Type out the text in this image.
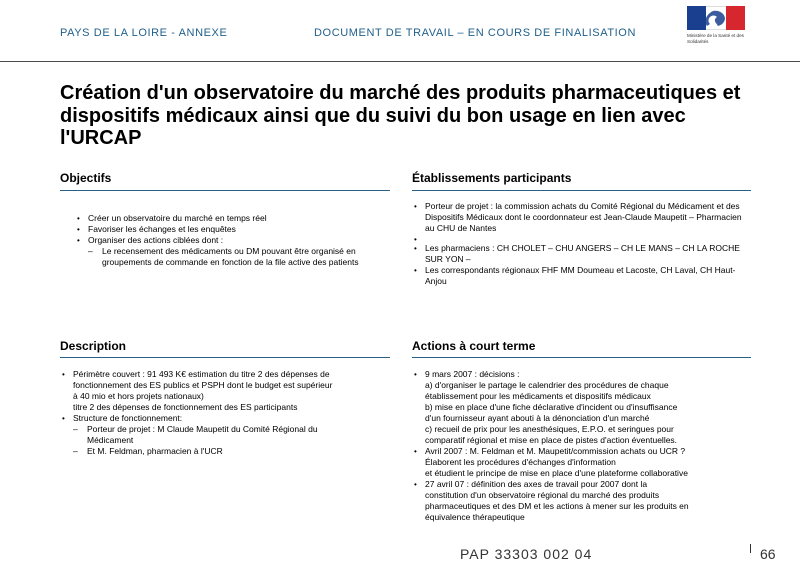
PAYS DE LA LOIRE - ANNEXE	DOCUMENT DE TRAVAIL – EN COURS DE FINALISATION	Ministère de la Santé et des Solidarités
Création d'un observatoire du marché des produits pharmaceutiques et dispositifs médicaux ainsi que du suivi du bon usage en lien avec l'URCAP
Objectifs
• Créer un observatoire du marché en temps réel
• Favoriser les échanges et les enquêtes
• Organiser des actions ciblées dont :
– Le recensement des médicaments ou DM pouvant être organisé en groupements de commande en fonction de la file active des patients
Établissements participants
• Porteur de projet : la commission achats du Comité Régional du Médicament et des Dispositifs Médicaux dont le coordonnateur est Jean-Claude Maupetit – Pharmacien au CHU de Nantes
•
• Les pharmaciens : CH CHOLET – CHU ANGERS – CH LE MANS – CH LA ROCHE SUR YON –
• Les correspondants régionaux FHF MM Doumeau et Lacoste, CH Laval, CH Haut-Anjou
Description
• Périmètre couvert : 91 493 K€ estimation du titre 2 des dépenses de
fonctionnement des ES publics et PSPH dont le budget est supérieur
à 40 mio et hors projets nationaux)
titre 2 des dépenses de fonctionnement des ES participants
• Structure de fonctionnement:
– Porteur de projet : M Claude Maupetit du Comité Régional du Médicament
– Et M. Feldman, pharmacien à l'UCR
Actions à court terme
• 9 mars 2007 : décisions :
a) d'organiser le partage le calendrier des procédures de chaque
établissement pour les médicaments et dispositifs médicaux
b) mise en place d'une fiche déclarative d'incident ou d'insuffisance
d'un fournisseur ayant abouti à la dénonciation d'un marché
c) recueil de prix pour les anesthésiques, E.P.O. et seringues pour
comparatif régional et mise en place de pistes d'action éventuelles.
• Avril 2007 : M. Feldman et M. Maupetit/commission achats ou UCR ?
Élaborent les procédures d'échanges d'information
et étudient le principe de mise en place d'une plateforme collaborative
• 27 avril 07 : définition des axes de travail pour 2007 dont la
constitution d'un observatoire régional du marché des produits
pharmaceutiques et des DM et les actions à mener sur les produits en
équivalence thérapeutique
PAP 33303 002 04	66
